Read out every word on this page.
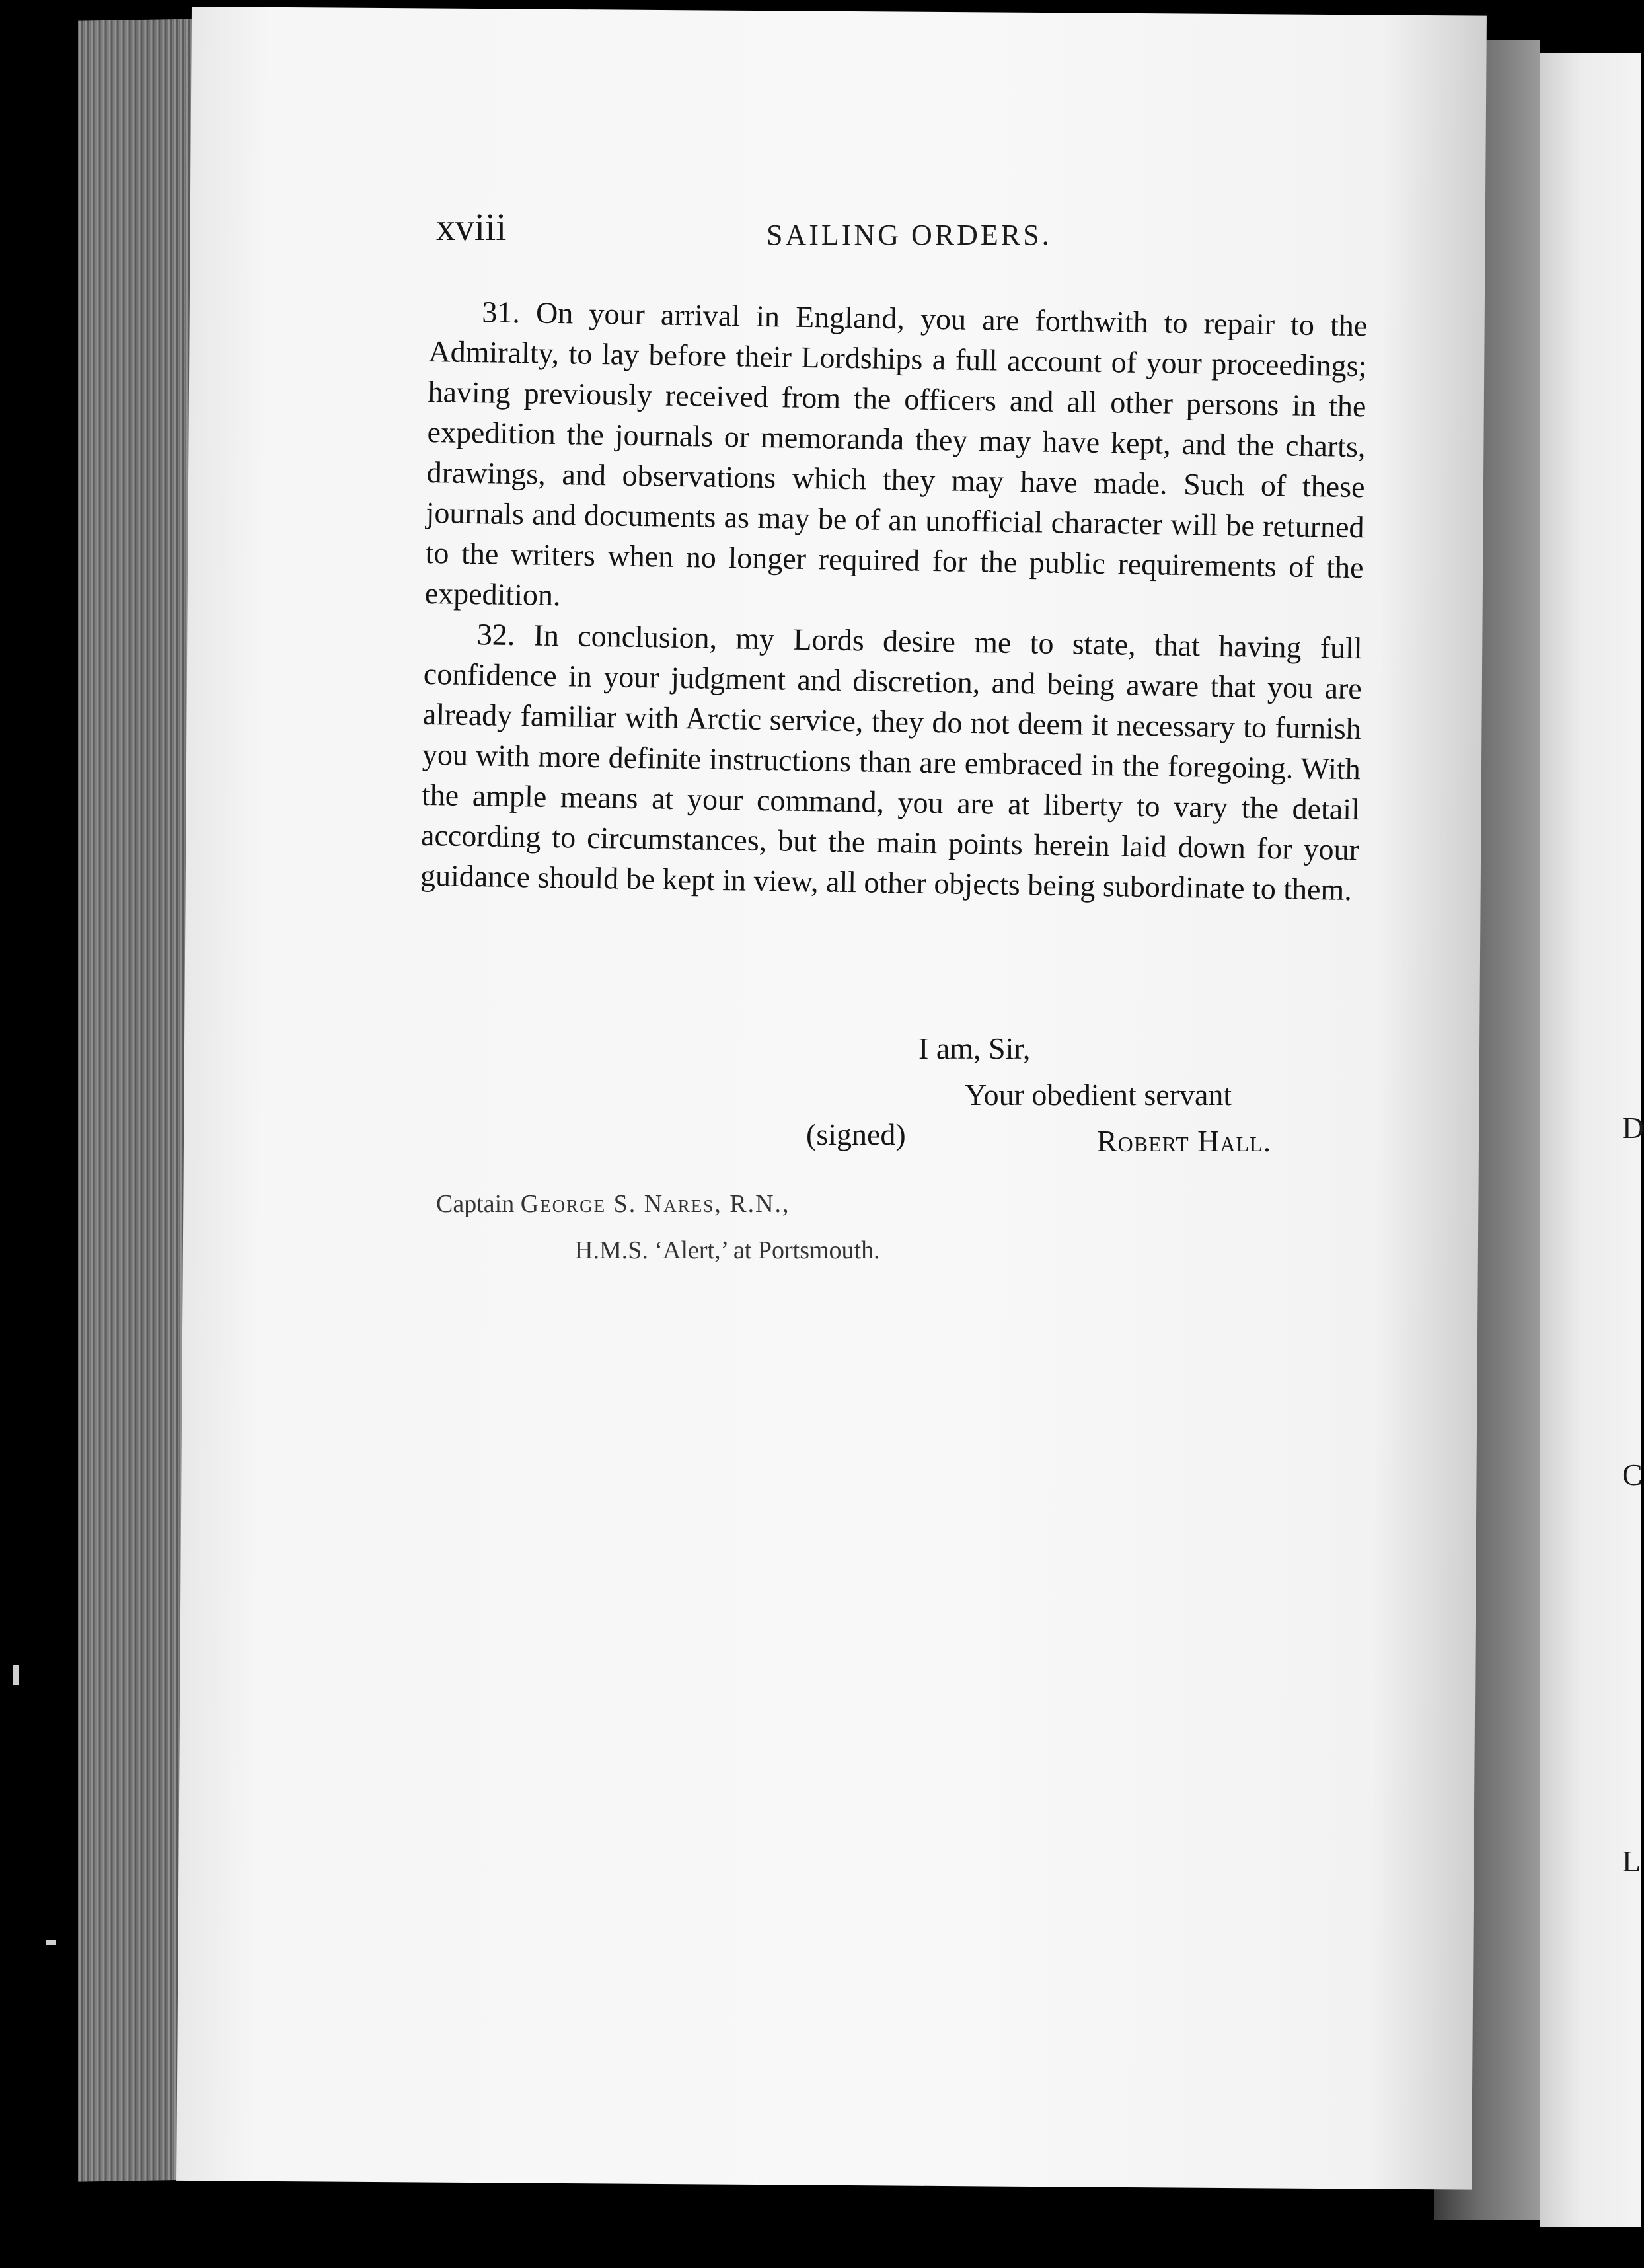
D
C
L
xviii	SAILING ORDERS.

31. On your arrival in England, you are forthwith to repair to the Admiralty, to lay before their Lordships a full account of your proceedings; having previously received from the officers and all other persons in the expedition the journals or memoranda they may have kept, and the charts, drawings, and observations which they may have made. Such of these journals and documents as may be of an unofficial character will be returned to the writers when no longer required for the public requirements of the expedition.

32. In conclusion, my Lords desire me to state, that having full confidence in your judgment and discretion, and being aware that you are already familiar with Arctic service, they do not deem it necessary to furnish you with more definite instructions than are embraced in the foregoing. With the ample means at your command, you are at liberty to vary the detail according to circumstances, but the main points herein laid down for your guidance should be kept in view, all other objects being subordinate to them.

I am, Sir,
Your obedient servant
(signed)	Robert Hall.
Captain George S. Nares, R.N.,
H.M.S. ‘Alert,’ at Portsmouth.
